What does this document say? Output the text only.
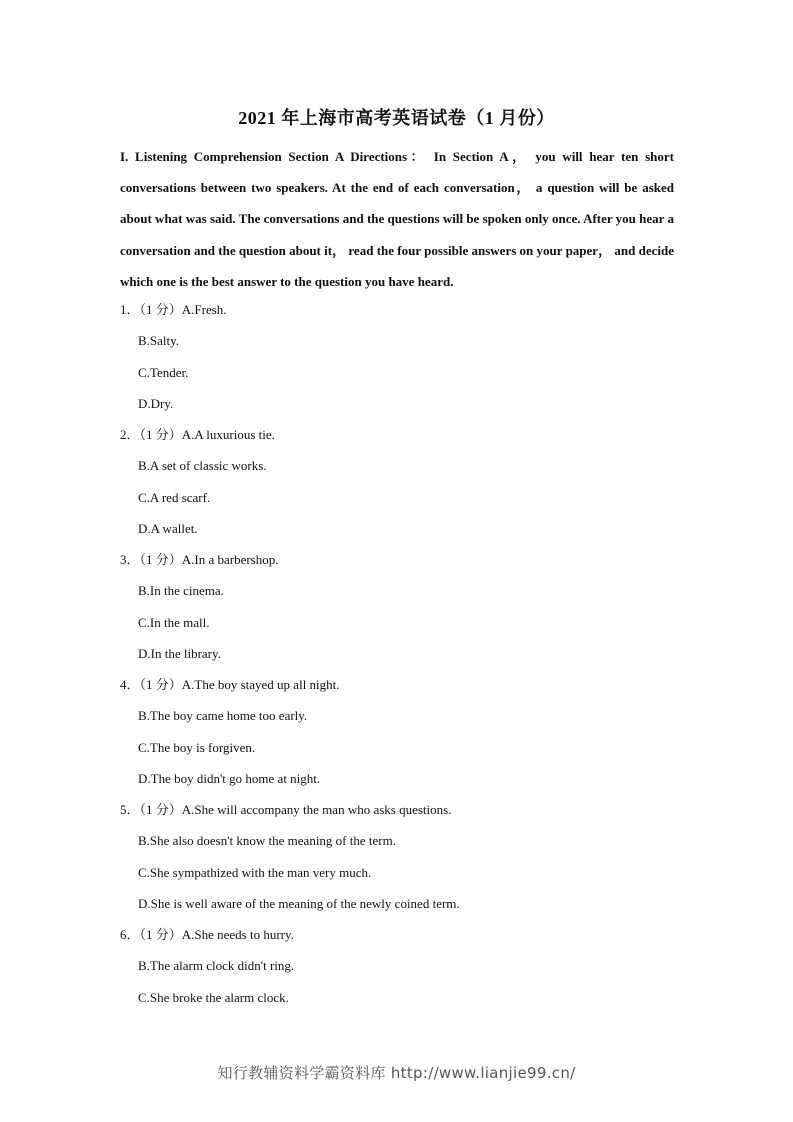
2021 年上海市高考英语试卷（1 月份）
I. Listening Comprehension Section A Directions： In Section A， you will hear ten short conversations between two speakers. At the end of each conversation， a question will be asked about what was said. The conversations and the questions will be spoken only once. After you hear a conversation and the question about it， read the four possible answers on your paper， and decide which one is the best answer to the question you have heard.
1．（1 分）A.Fresh.
B.Salty.
C.Tender.
D.Dry.
2．（1 分）A.A luxurious tie.
B.A set of classic works.
C.A red scarf.
D.A wallet.
3．（1 分）A.In a barbershop.
B.In the cinema.
C.In the mall.
D.In the library.
4．（1 分）A.The boy stayed up all night.
B.The boy came home too early.
C.The boy is forgiven.
D.The boy didn't go home at night.
5．（1 分）A.She will accompany the man who asks questions.
B.She also doesn't know the meaning of the term.
C.She sympathized with the man very much.
D.She is well aware of the meaning of the newly coined term.
6．（1 分）A.She needs to hurry.
B.The alarm clock didn't ring.
C.She broke the alarm clock.
知行教辅资料学霸资料库 http://www.lianjie99.cn/
